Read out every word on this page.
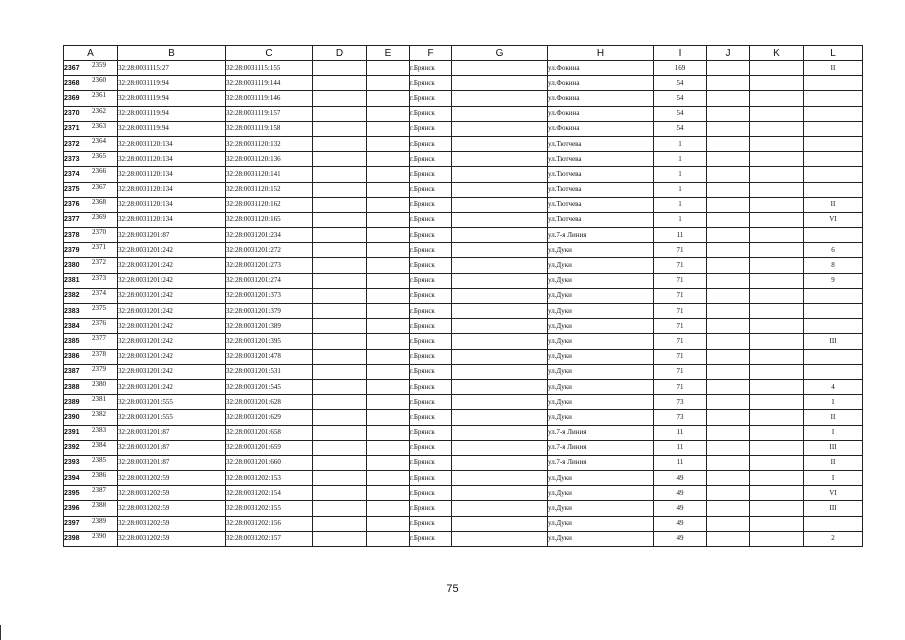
A	B	C	D	E	F	G	H	I	J	K	L
2367 2359	32:28:0031115:27	32:28:0031115:155			г.Брянск		ул.Фокина	169			II
2368 2360	32:28:0031119:94	32:28:0031119:144			г.Брянск		ул.Фокина	54			
2369 2361	32:28:0031119:94	32:28:0031119:146			г.Брянск		ул.Фокина	54			
2370 2362	32:28:0031119:94	32:28:0031119:157			г.Брянск		ул.Фокина	54			
2371 2363	32:28:0031119:94	32:28:0031119:158			г.Брянск		ул.Фокина	54			
2372 2364	32:28:0031120:134	32:28:0031120:132			г.Брянск		ул.Тютчева	1			
2373 2365	32:28:0031120:134	32:28:0031120:136			г.Брянск		ул.Тютчева	1			
2374 2366	32:28:0031120:134	32:28:0031120:141			г.Брянск		ул.Тютчева	1			
2375 2367	32:28:0031120:134	32:28:0031120:152			г.Брянск		ул.Тютчева	1			
2376 2368	32:28:0031120:134	32:28:0031120:162			г.Брянск		ул.Тютчева	1			II
2377 2369	32:28:0031120:134	32:28:0031120:165			г.Брянск		ул.Тютчева	1			VI
2378 2370	32:28:0031201:87	32:28:0031201:234			г.Брянск		ул.7-я Линия	11			
2379 2371	32:28:0031201:242	32:28:0031201:272			г.Брянск		ул.Дуки	71			6
2380 2372	32:28:0031201:242	32:28:0031201:273			г.Брянск		ул.Дуки	71			8
2381 2373	32:28:0031201:242	32:28:0031201:274			г.Брянск		ул.Дуки	71			9
2382 2374	32:28:0031201:242	32:28:0031201:373			г.Брянск		ул.Дуки	71			
2383 2375	32:28:0031201:242	32:28:0031201:379			г.Брянск		ул.Дуки	71			
2384 2376	32:28:0031201:242	32:28:0031201:389			г.Брянск		ул.Дуки	71			
2385 2377	32:28:0031201:242	32:28:0031201:395			г.Брянск		ул.Дуки	71			III
2386 2378	32:28:0031201:242	32:28:0031201:478			г.Брянск		ул.Дуки	71			
2387 2379	32:28:0031201:242	32:28:0031201:531			г.Брянск		ул.Дуки	71			
2388 2380	32:28:0031201:242	32:28:0031201:545			г.Брянск		ул.Дуки	71			4
2389 2381	32:28:0031201:555	32:28:0031201:628			г.Брянск		ул.Дуки	73			I
2390 2382	32:28:0031201:555	32:28:0031201:629			г.Брянск		ул.Дуки	73			II
2391 2383	32:28:0031201:87	32:28:0031201:658			г.Брянск		ул.7-я Линия	11			I
2392 2384	32:28:0031201:87	32:28:0031201:659			г.Брянск		ул.7-я Линия	11			III
2393 2385	32:28:0031201:87	32:28:0031201:660			г.Брянск		ул.7-я Линия	11			II
2394 2386	32:28:0031202:59	32:28:0031202:153			г.Брянск		ул.Дуки	49			I
2395 2387	32:28:0031202:59	32:28:0031202:154			г.Брянск		ул.Дуки	49			VI
2396 2388	32:28:0031202:59	32:28:0031202:155			г.Брянск		ул.Дуки	49			III
2397 2389	32:28:0031202:59	32:28:0031202:156			г.Брянск		ул.Дуки	49			
2398 2390	32:28:0031202:59	32:28:0031202:157			г.Брянск		ул.Дуки	49			2
75
